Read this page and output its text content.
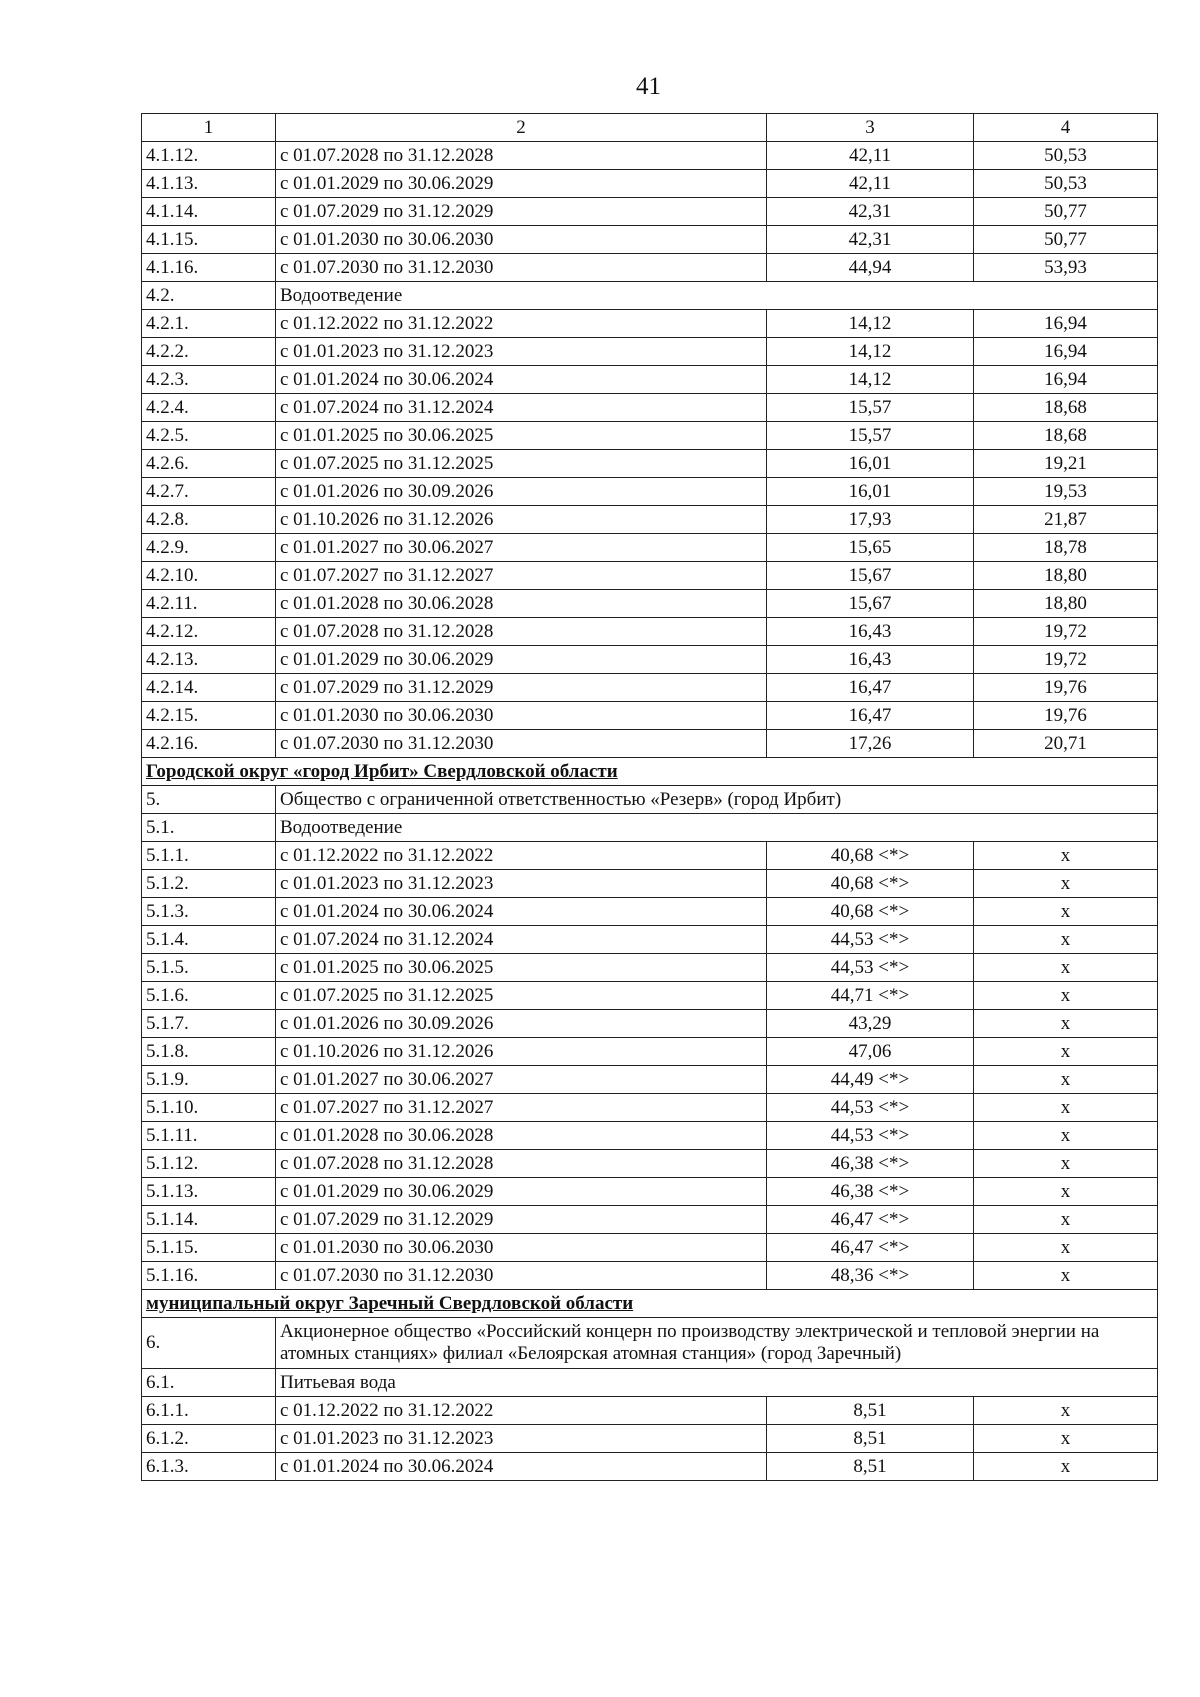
41
1	2	3	4
4.1.12.	с 01.07.2028 по 31.12.2028	42,11	50,53
4.1.13.	с 01.01.2029 по 30.06.2029	42,11	50,53
4.1.14.	с 01.07.2029 по 31.12.2029	42,31	50,77
4.1.15.	с 01.01.2030 по 30.06.2030	42,31	50,77
4.1.16.	с 01.07.2030 по 31.12.2030	44,94	53,93
4.2.	Водоотведение		
4.2.1.	с 01.12.2022 по 31.12.2022	14,12	16,94
4.2.2.	с 01.01.2023 по 31.12.2023	14,12	16,94
4.2.3.	с 01.01.2024 по 30.06.2024	14,12	16,94
4.2.4.	с 01.07.2024 по 31.12.2024	15,57	18,68
4.2.5.	с 01.01.2025 по 30.06.2025	15,57	18,68
4.2.6.	с 01.07.2025 по 31.12.2025	16,01	19,21
4.2.7.	с 01.01.2026 по 30.09.2026	16,01	19,53
4.2.8.	с 01.10.2026 по 31.12.2026	17,93	21,87
4.2.9.	с 01.01.2027 по 30.06.2027	15,65	18,78
4.2.10.	с 01.07.2027 по 31.12.2027	15,67	18,80
4.2.11.	с 01.01.2028 по 30.06.2028	15,67	18,80
4.2.12.	с 01.07.2028 по 31.12.2028	16,43	19,72
4.2.13.	с 01.01.2029 по 30.06.2029	16,43	19,72
4.2.14.	с 01.07.2029 по 31.12.2029	16,47	19,76
4.2.15.	с 01.01.2030 по 30.06.2030	16,47	19,76
4.2.16.	с 01.07.2030 по 31.12.2030	17,26	20,71
Городской округ «город Ирбит» Свердловской области			
5.	Общество с ограниченной ответственностью «Резерв» (город Ирбит)		
5.1.	Водоотведение		
5.1.1.	с 01.12.2022 по 31.12.2022	40,68 <*>	x
5.1.2.	с 01.01.2023 по 31.12.2023	40,68 <*>	x
5.1.3.	с 01.01.2024 по 30.06.2024	40,68 <*>	x
5.1.4.	с 01.07.2024 по 31.12.2024	44,53 <*>	x
5.1.5.	с 01.01.2025 по 30.06.2025	44,53 <*>	x
5.1.6.	с 01.07.2025 по 31.12.2025	44,71 <*>	x
5.1.7.	с 01.01.2026 по 30.09.2026	43,29	x
5.1.8.	с 01.10.2026 по 31.12.2026	47,06	x
5.1.9.	с 01.01.2027 по 30.06.2027	44,49 <*>	x
5.1.10.	с 01.07.2027 по 31.12.2027	44,53 <*>	x
5.1.11.	с 01.01.2028 по 30.06.2028	44,53 <*>	x
5.1.12.	с 01.07.2028 по 31.12.2028	46,38 <*>	x
5.1.13.	с 01.01.2029 по 30.06.2029	46,38 <*>	x
5.1.14.	с 01.07.2029 по 31.12.2029	46,47 <*>	x
5.1.15.	с 01.01.2030 по 30.06.2030	46,47 <*>	x
5.1.16.	с 01.07.2030 по 31.12.2030	48,36 <*>	x
муниципальный округ Заречный Свердловской области			
6.	Акционерное общество «Российский концерн по производству электрической и тепловой энергии на атомных станциях» филиал «Белоярская атомная станция» (город Заречный)		
6.1.	Питьевая вода		
6.1.1.	с 01.12.2022 по 31.12.2022	8,51	x
6.1.2.	с 01.01.2023 по 31.12.2023	8,51	x
6.1.3.	с 01.01.2024 по 30.06.2024	8,51	x
